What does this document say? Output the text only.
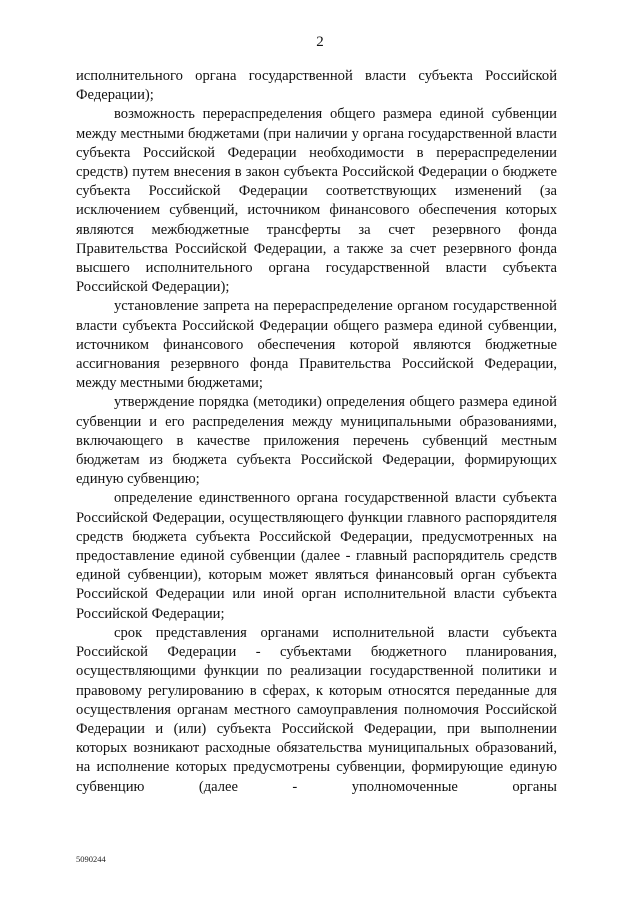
2

исполнительного органа государственной власти субъекта Российской Федерации);

возможность перераспределения общего размера единой субвенции между местными бюджетами (при наличии у органа государственной власти субъекта Российской Федерации необходимости в перераспределении средств) путем внесения в закон субъекта Российской Федерации о бюджете субъекта Российской Федерации соответствующих изменений (за исключением субвенций, источником финансового обеспечения которых являются межбюджетные трансферты за счет резервного фонда Правительства Российской Федерации, а также за счет резервного фонда высшего исполнительного органа государственной власти субъекта Российской Федерации);

установление запрета на перераспределение органом государственной власти субъекта Российской Федерации общего размера единой субвенции, источником финансового обеспечения которой являются бюджетные ассигнования резервного фонда Правительства Российской Федерации, между местными бюджетами;

утверждение порядка (методики) определения общего размера единой субвенции и его распределения между муниципальными образованиями, включающего в качестве приложения перечень субвенций местным бюджетам из бюджета субъекта Российской Федерации, формирующих единую субвенцию;

определение единственного органа государственной власти субъекта Российской Федерации, осуществляющего функции главного распорядителя средств бюджета субъекта Российской Федерации, предусмотренных на предоставление единой субвенции (далее - главный распорядитель средств единой субвенции), которым может являться финансовый орган субъекта Российской Федерации или иной орган исполнительной власти субъекта Российской Федерации;

срок представления органами исполнительной власти субъекта Российской Федерации - субъектами бюджетного планирования, осуществляющими функции по реализации государственной политики и правовому регулированию в сферах, к которым относятся переданные для осуществления органам местного самоуправления полномочия Российской Федерации и (или) субъекта Российской Федерации, при выполнении которых возникают расходные обязательства муниципальных образований, на исполнение которых предусмотрены субвенции, формирующие единую субвенцию (далее - уполномоченные органы

5090244
